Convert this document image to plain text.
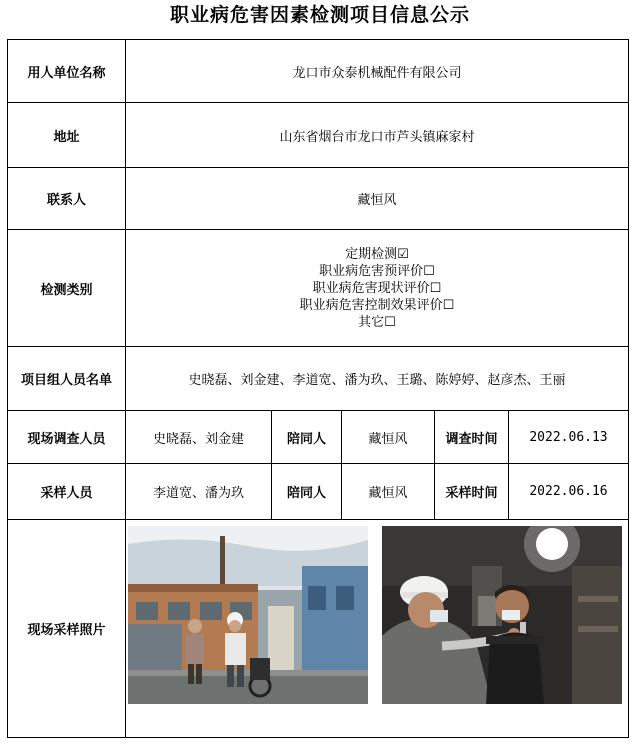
职业病危害因素检测项目信息公示
用人单位名称	龙口市众泰机械配件有限公司				
地址	山东省烟台市龙口市芦头镇麻家村				
联系人	藏恒风				
检测类别	定期检测☑
职业病危害预评价☐
职业病危害现状评价☐
职业病危害控制效果评价☐
其它☐				

项目组人员名单	史晓磊、刘金建、李道宽、潘为玖、王璐、陈婷婷、赵彦杰、王丽				
现场调查人员	史晓磊、刘金建	陪同人	藏恒风	调查时间	2022.06.13
采样人员	李道宽、潘为玖	陪同人	藏恒风	采样时间	2022.06.16
现场采样照片	
